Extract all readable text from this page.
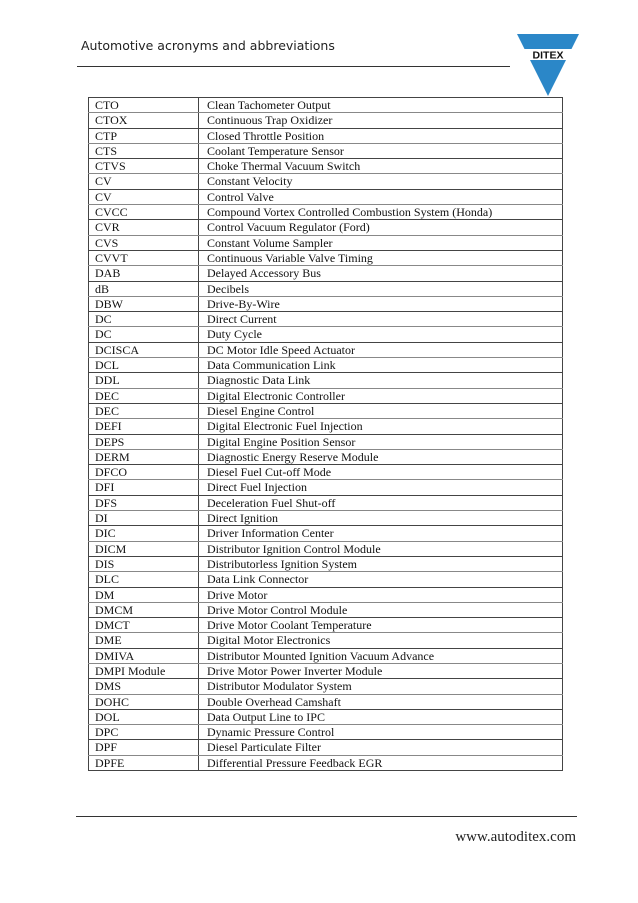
Automotive acronyms and abbreviations
DITEX
CTO	Clean Tachometer Output
CTOX	Continuous Trap Oxidizer
CTP	Closed Throttle Position
CTS	Coolant Temperature Sensor
CTVS	Choke Thermal Vacuum Switch
CV	Constant Velocity
CV	Control Valve
CVCC	Compound Vortex Controlled Combustion System (Honda)
CVR	Control Vacuum Regulator (Ford)
CVS	Constant Volume Sampler
CVVT	Continuous Variable Valve Timing
DAB	Delayed Accessory Bus
dB	Decibels
DBW	Drive-By-Wire
DC	Direct Current
DC	Duty Cycle
DCISCA	DC Motor Idle Speed Actuator
DCL	Data Communication Link
DDL	Diagnostic Data Link
DEC	Digital Electronic Controller
DEC	Diesel Engine Control
DEFI	Digital Electronic Fuel Injection
DEPS	Digital Engine Position Sensor
DERM	Diagnostic Energy Reserve Module
DFCO	Diesel Fuel Cut-off Mode
DFI	Direct Fuel Injection
DFS	Deceleration Fuel Shut-off
DI	Direct Ignition
DIC	Driver Information Center
DICM	Distributor Ignition Control Module
DIS	Distributorless Ignition System
DLC	Data Link Connector
DM	Drive Motor
DMCM	Drive Motor Control Module
DMCT	Drive Motor Coolant Temperature
DME	Digital Motor Electronics
DMIVA	Distributor Mounted Ignition Vacuum Advance
DMPI Module	Drive Motor Power Inverter Module
DMS	Distributor Modulator System
DOHC	Double Overhead Camshaft
DOL	Data Output Line to IPC
DPC	Dynamic Pressure Control
DPF	Diesel Particulate Filter
DPFE	Differential Pressure Feedback EGR
www.autoditex.com
